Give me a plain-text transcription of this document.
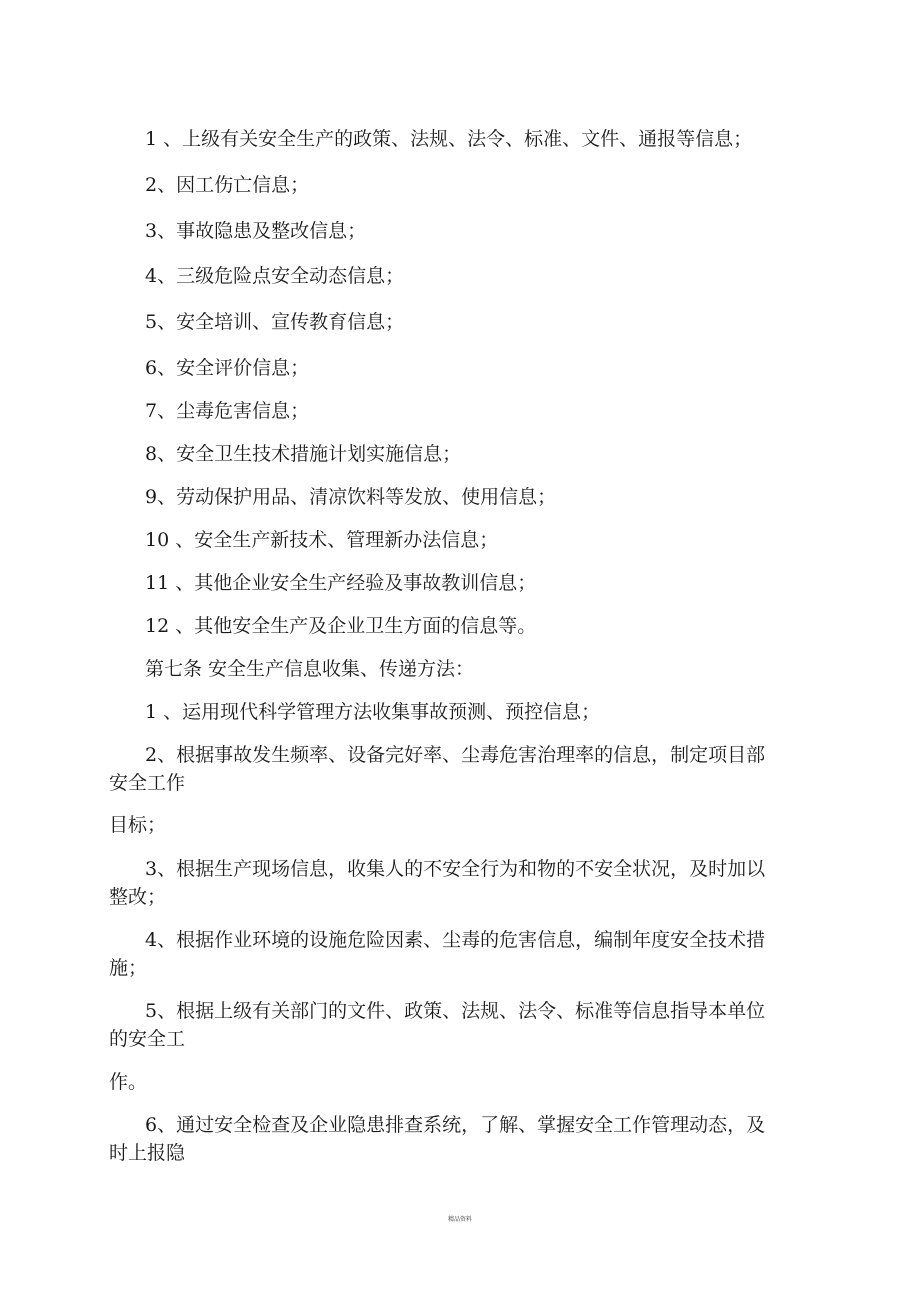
1 、上级有关安全生产的政策、法规、法令、标准、文件、通报等信息；
2、因工伤亡信息；
3、事故隐患及整改信息；
4、三级危险点安全动态信息；
5、安全培训、宣传教育信息；
6、安全评价信息；
7、尘毒危害信息；
8、安全卫生技术措施计划实施信息；
9、劳动保护用品、清凉饮料等发放、使用信息；
10 、安全生产新技术、管理新办法信息；
11 、其他企业安全生产经验及事故教训信息；
12 、其他安全生产及企业卫生方面的信息等。
第七条 安全生产信息收集、传递方法：
1 、运用现代科学管理方法收集事故预测、预控信息；
2、根据事故发生频率、设备完好率、尘毒危害治理率的信息，制定项目部
安全工作
目标；
3、根据生产现场信息，收集人的不安全行为和物的不安全状况，及时加以
整改；
4、根据作业环境的设施危险因素、尘毒的危害信息，编制年度安全技术措
施；
5、根据上级有关部门的文件、政策、法规、法令、标准等信息指导本单位
的安全工
作。
6、通过安全检查及企业隐患排查系统，了解、掌握安全工作管理动态，及
时上报隐
精品资料
